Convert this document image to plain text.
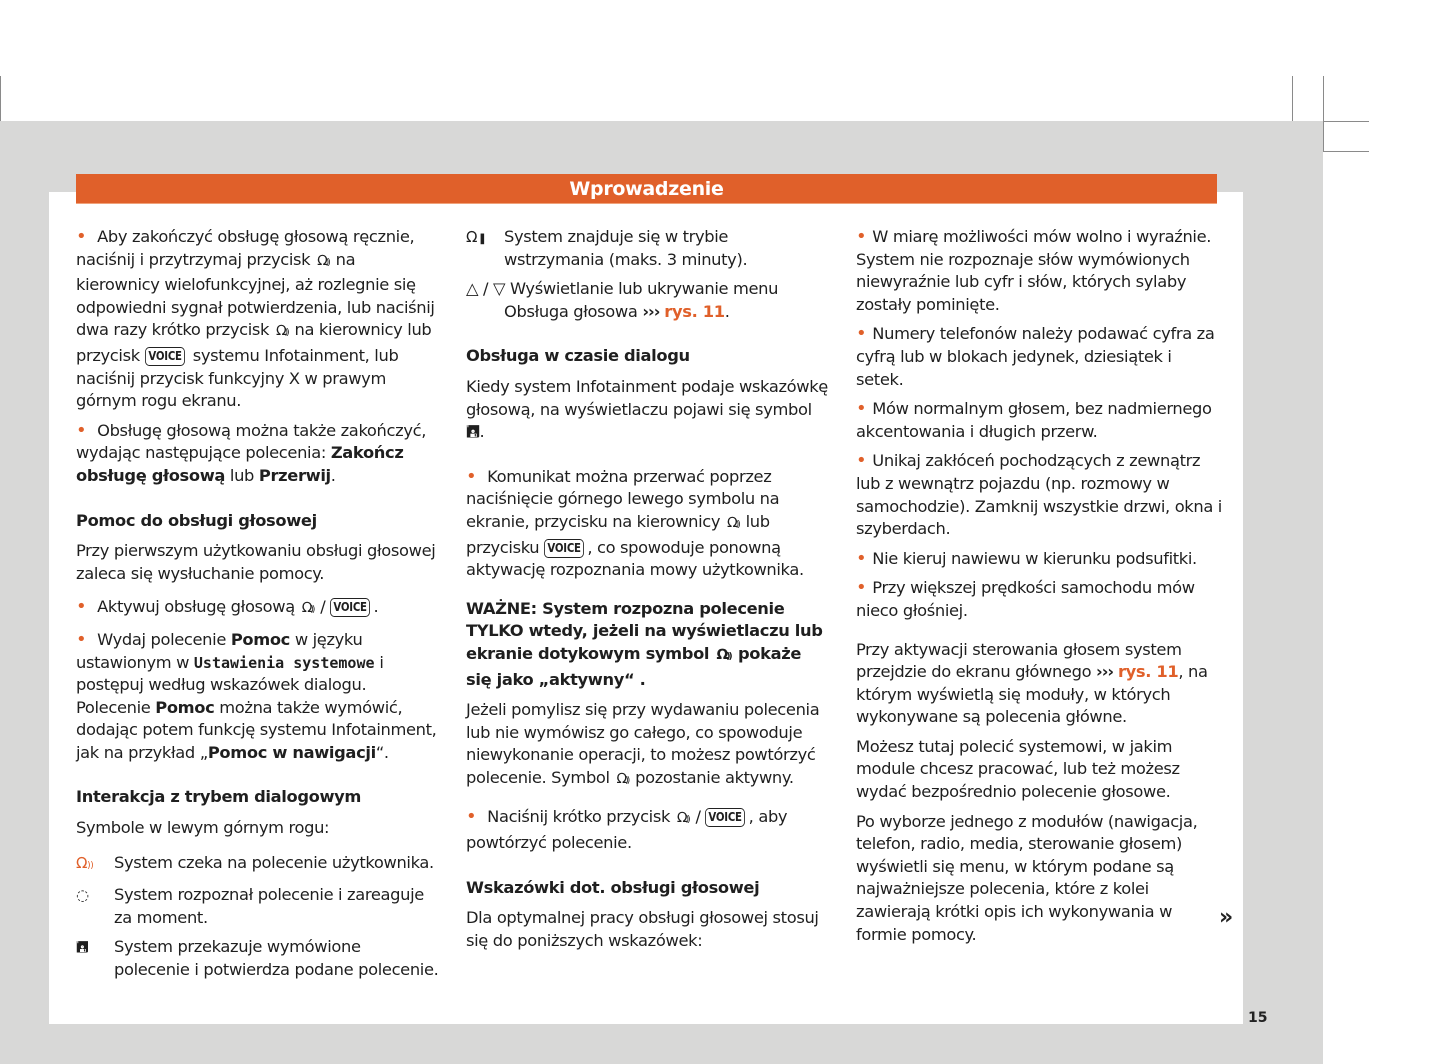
Wprowadzenie

• Aby zakończyć obsługę głosową ręcznie, naciśnij i przytrzymaj przycisk Ω)) na kierownicy wielofunkcyjnej, aż rozlegnie się odpowiedni sygnał potwierdzenia, lub naciśnij dwa razy krótko przycisk Ω)) na kierownicy lub przycisk VOICE systemu Infotainment, lub naciśnij przycisk funkcyjny X w prawym górnym rogu ekranu.

• Obsługę głosową można także zakończyć, wydając następujące polecenia: Zakończ obsługę głosową lub Przerwij.

Pomoc do obsługi głosowej

Przy pierwszym użytkowaniu obsługi głosowej zaleca się wysłuchanie pomocy.

• Aktywuj obsługę głosową Ω)) / VOICE .

• Wydaj polecenie Pomoc w języku ustawionym w Ustawienia systemowe i postępuj według wskazówek dialogu. Polecenie Pomoc można także wymówić, dodając potem funkcję systemu Infotainment, jak na przykład „Pomoc w nawigacji“.

Interakcja z trybem dialogowym

Symbole w lewym górnym rogu:

Ω))	System czeka na polecenie użytkownika.
◌	System rozpoznał polecenie i zareaguje za moment.
🖪	System przekazuje wymówione polecenie i potwierdza podane polecenie.
Ω▐	System znajduje się w trybie wstrzymania (maks. 3 minuty).
△ / ▽ Wyświetlanie lub ukrywanie menu Obsługa głosowa ››› rys. 11.

Obsługa w czasie dialogu

Kiedy system Infotainment podaje wskazówkę głosową, na wyświetlaczu pojawi się symbol 🖪.

• Komunikat można przerwać poprzez naciśnięcie górnego lewego symbolu na ekranie, przycisku na kierownicy Ω)) lub przycisku VOICE , co spowoduje ponowną aktywację rozpoznania mowy użytkownika.

WAŻNE: System rozpozna polecenie TYLKO wtedy, jeżeli na wyświetlaczu lub ekranie dotykowym symbol Ω)) pokaże się jako „aktywny“ .

Jeżeli pomylisz się przy wydawaniu polecenia lub nie wymówisz go całego, co spowoduje niewykonanie operacji, to możesz powtórzyć polecenie. Symbol Ω)) pozostanie aktywny.

• Naciśnij krótko przycisk Ω)) / VOICE , aby powtórzyć polecenie.

Wskazówki dot. obsługi głosowej

Dla optymalnej pracy obsługi głosowej stosuj się do poniższych wskazówek:

• W miarę możliwości mów wolno i wyraźnie. System nie rozpoznaje słów wymówionych niewyraźnie lub cyfr i słów, których sylaby zostały pominięte.

• Numery telefonów należy podawać cyfra za cyfrą lub w blokach jedynek, dziesiątek i setek.

• Mów normalnym głosem, bez nadmiernego akcentowania i długich przerw.

• Unikaj zakłóceń pochodzących z zewnątrz lub z wewnątrz pojazdu (np. rozmowy w samochodzie). Zamknij wszystkie drzwi, okna i szyberdach.

• Nie kieruj nawiewu w kierunku podsufitki.

• Przy większej prędkości samochodu mów nieco głośniej.

Przy aktywacji sterowania głosem system przejdzie do ekranu głównego ››› rys. 11, na którym wyświetlą się moduły, w których wykonywane są polecenia główne.

Możesz tutaj polecić systemowi, w jakim module chcesz pracować, lub też możesz wydać bezpośrednio polecenie głosowe.

Po wyborze jednego z modułów (nawigacja, telefon, radio, media, sterowanie głosem) wyświetli się menu, w którym podane są najważniejsze polecenia, które z kolei zawierają krótki opis ich wykonywania w formie pomocy.

»
15
